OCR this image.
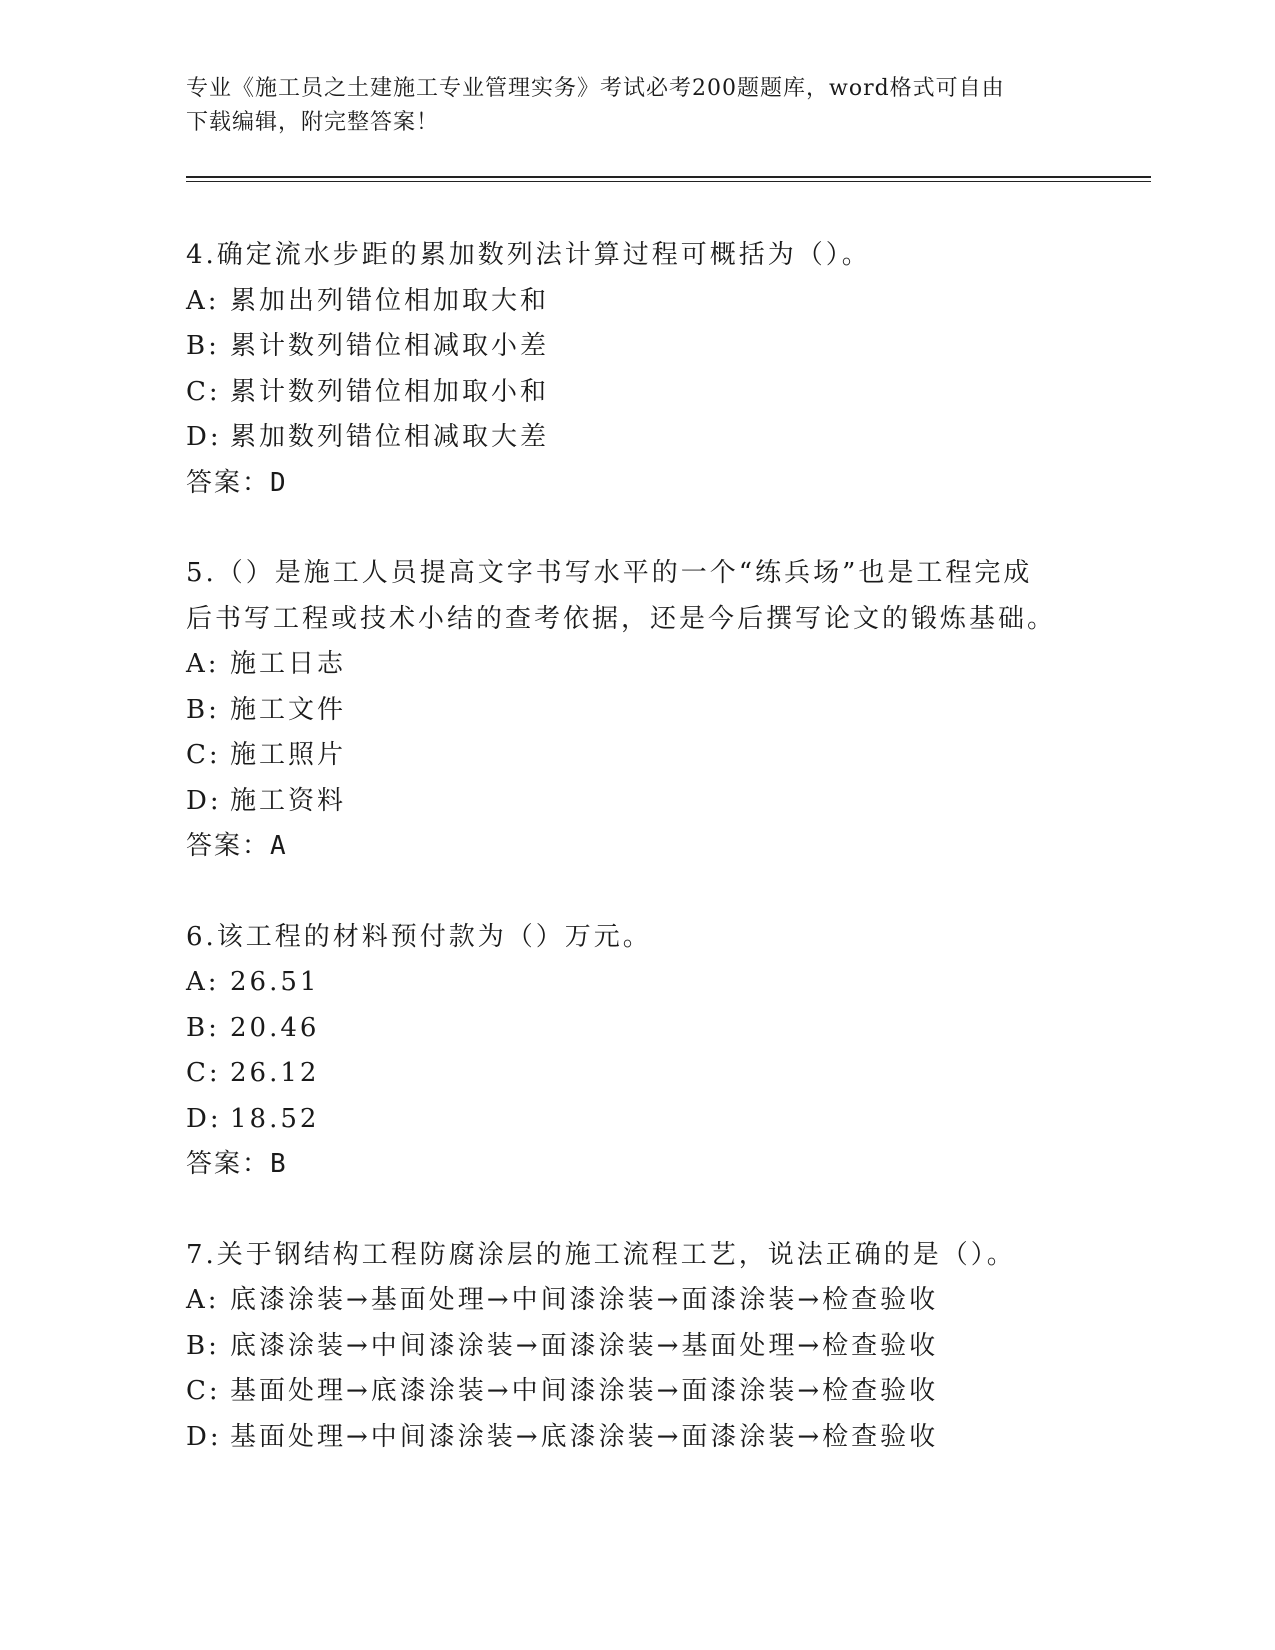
专业《施工员之土建施工专业管理实务》考试必考200题题库，word格式可自由
下载编辑，附完整答案！

4.确定流水步距的累加数列法计算过程可概括为（）。

A: 累加出列错位相加取大和
B: 累计数列错位相减取小差
C: 累计数列错位相加取小和
D: 累加数列错位相减取大差

答案：D

5.（）是施工人员提高文字书写水平的一个“练兵场”也是工程完成

后书写工程或技术小结的查考依据，还是今后撰写论文的锻炼基础。

A: 施工日志
B: 施工文件
C: 施工照片
D: 施工资料

答案：A

6.该工程的材料预付款为（）万元。

A: 26.51
B: 20.46
C: 26.12
D: 18.52

答案：B

7.关于钢结构工程防腐涂层的施工流程工艺，说法正确的是（）。

A: 底漆涂装→基面处理→中间漆涂装→面漆涂装→检查验收
B: 底漆涂装→中间漆涂装→面漆涂装→基面处理→检查验收
C: 基面处理→底漆涂装→中间漆涂装→面漆涂装→检查验收
D: 基面处理→中间漆涂装→底漆涂装→面漆涂装→检查验收
